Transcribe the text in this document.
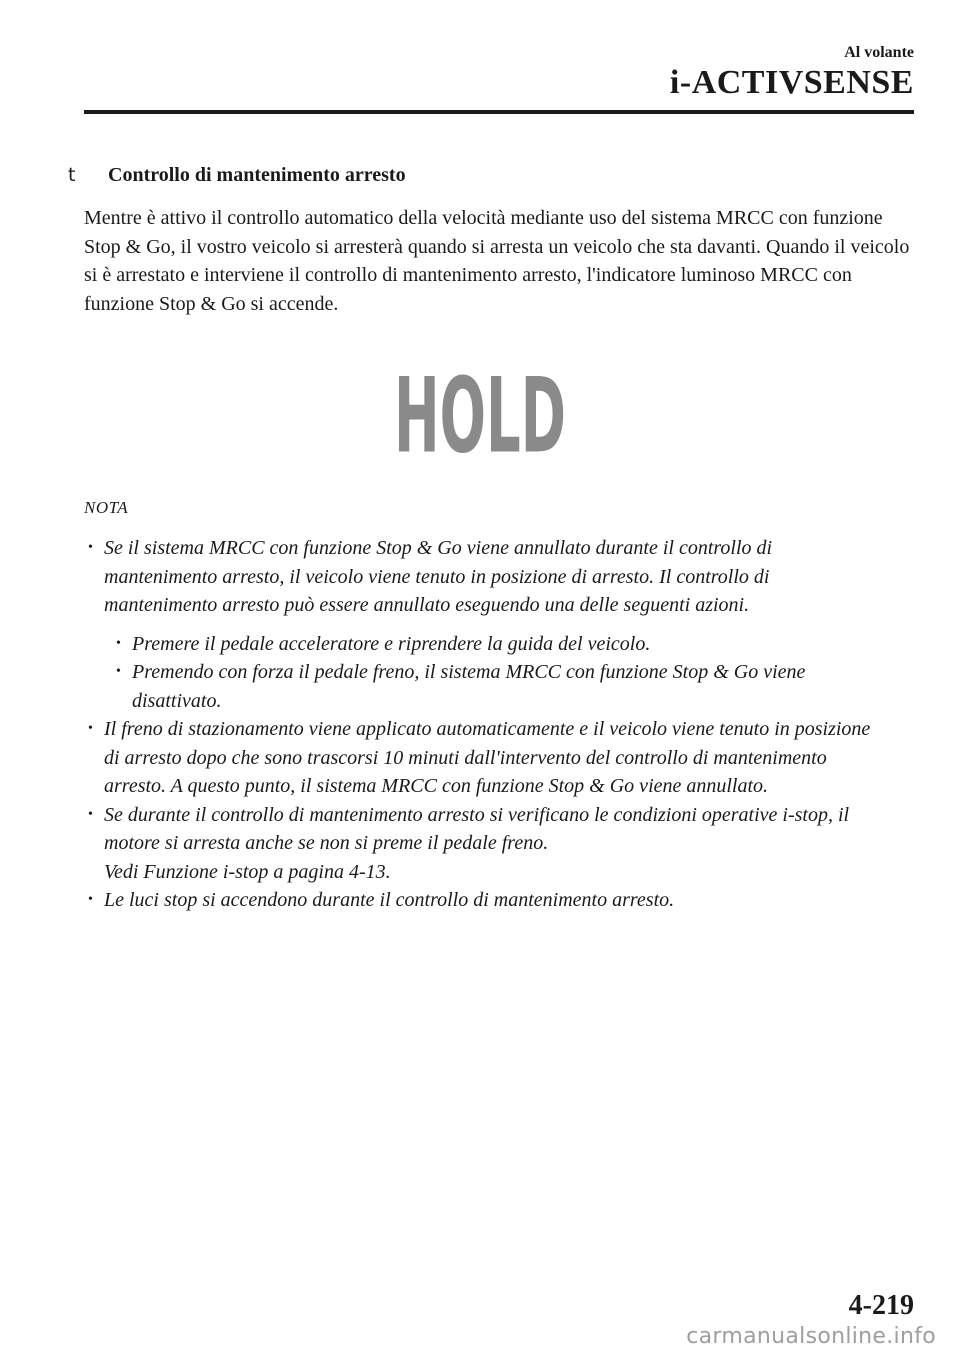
Al volante
i-ACTIVSENSE
t Controllo di mantenimento arresto
Mentre è attivo il controllo automatico della velocità mediante uso del sistema MRCC con funzione Stop & Go, il vostro veicolo si arresterà quando si arresta un veicolo che sta davanti. Quando il veicolo si è arrestato e interviene il controllo di mantenimento arresto, l'indicatore luminoso MRCC con funzione Stop & Go si accende.
HOLD
NOTA
• Se il sistema MRCC con funzione Stop & Go viene annullato durante il controllo di mantenimento arresto, il veicolo viene tenuto in posizione di arresto. Il controllo di mantenimento arresto può essere annullato eseguendo una delle seguenti azioni.
• Premere il pedale acceleratore e riprendere la guida del veicolo.
• Premendo con forza il pedale freno, il sistema MRCC con funzione Stop & Go viene disattivato.
• Il freno di stazionamento viene applicato automaticamente e il veicolo viene tenuto in posizione di arresto dopo che sono trascorsi 10 minuti dall'intervento del controllo di mantenimento arresto. A questo punto, il sistema MRCC con funzione Stop & Go viene annullato.
• Se durante il controllo di mantenimento arresto si verificano le condizioni operative i-stop, il motore si arresta anche se non si preme il pedale freno.
Vedi Funzione i-stop a pagina 4-13.
• Le luci stop si accendono durante il controllo di mantenimento arresto.
4-219
carmanualsonline.info
